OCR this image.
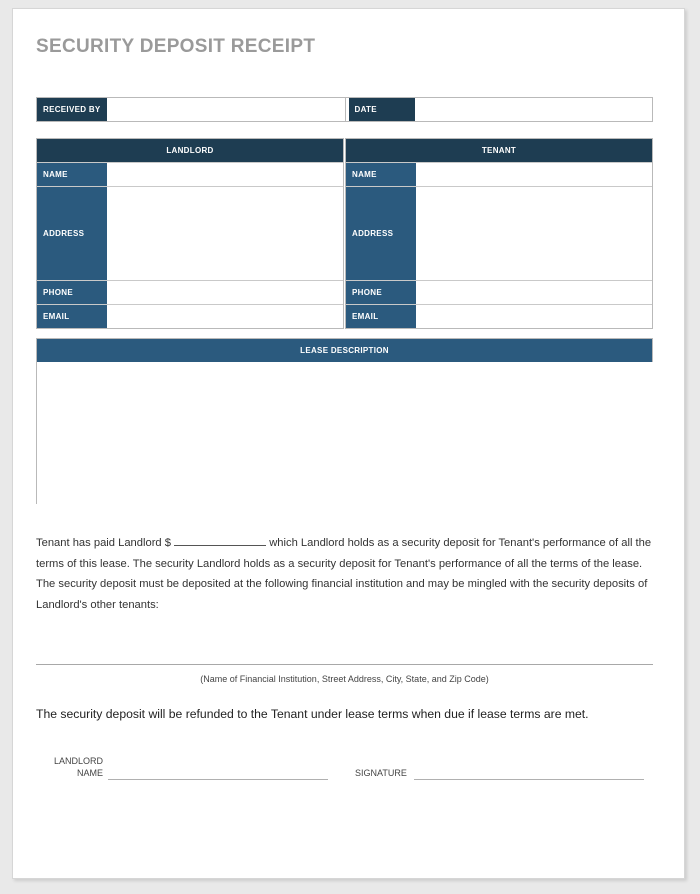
SECURITY DEPOSIT RECEIPT
RECEIVED BY	DATE
LANDLORD
NAME
ADDRESS
PHONE
EMAIL
TENANT
NAME
ADDRESS
PHONE
EMAIL
LEASE DESCRIPTION
Tenant has paid Landlord $	which Landlord holds as a security deposit for Tenant's performance of all the terms of this lease. The security Landlord holds as a security deposit for Tenant's performance of all the terms of the lease. The security deposit must be deposited at the following financial institution and may be mingled with the security deposits of Landlord's other tenants:
(Name of Financial Institution, Street Address, City, State, and Zip Code)
The security deposit will be refunded to the Tenant under lease terms when due if lease terms are met.
LANDLORD
NAME	SIGNATURE
